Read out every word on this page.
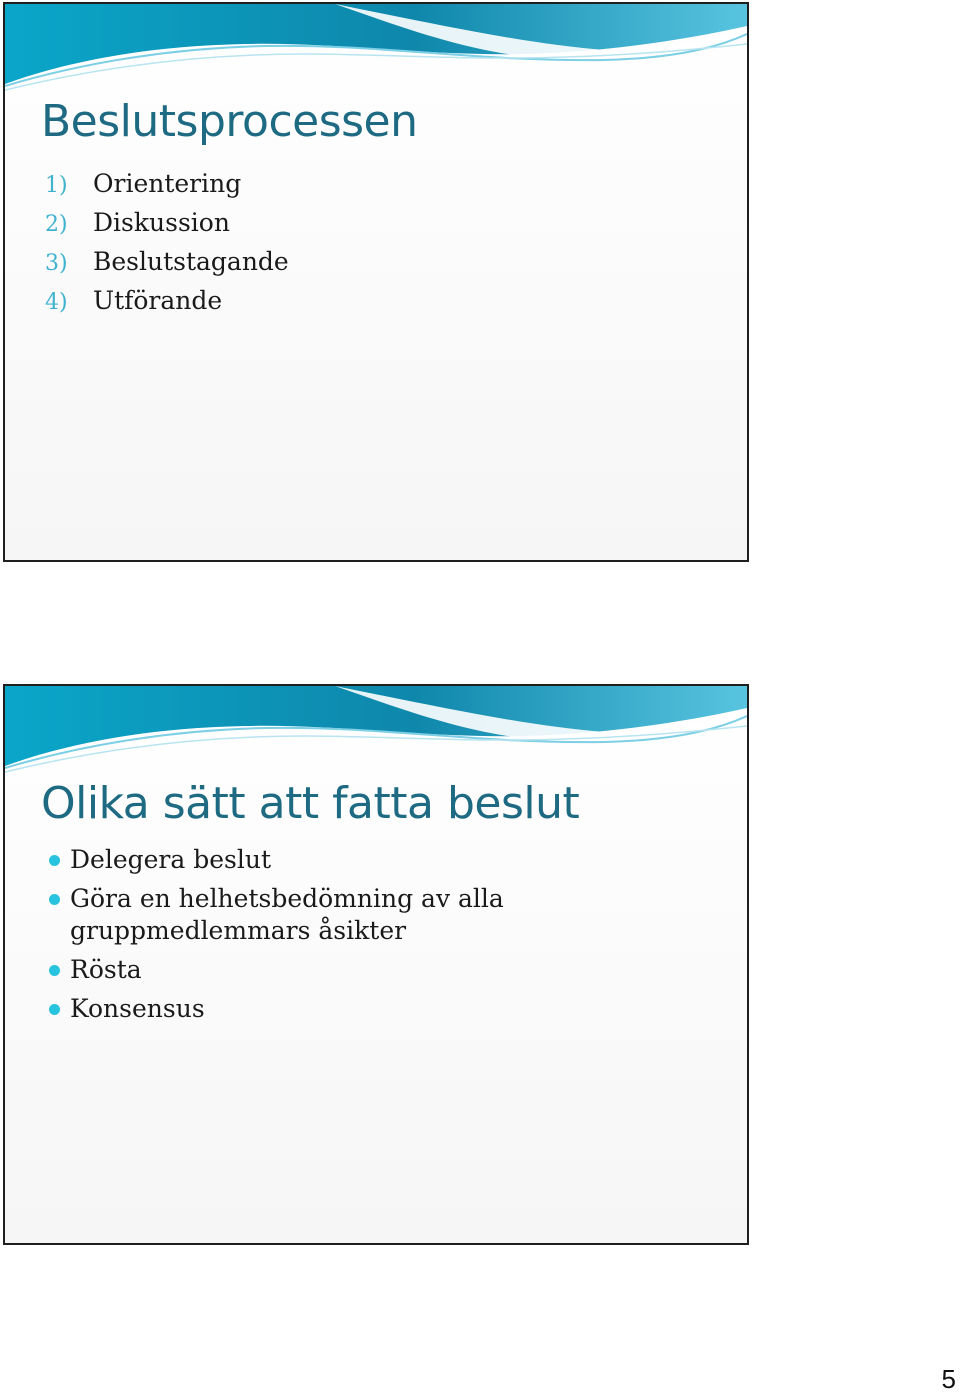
Beslutsprocessen
1) Orientering
2) Diskussion
3) Beslutstagande
4) Utförande
Olika sätt att fatta beslut
Delegera beslut
Göra en helhetsbedömning av alla gruppmedlemmars åsikter
Rösta
Konsensus
5
